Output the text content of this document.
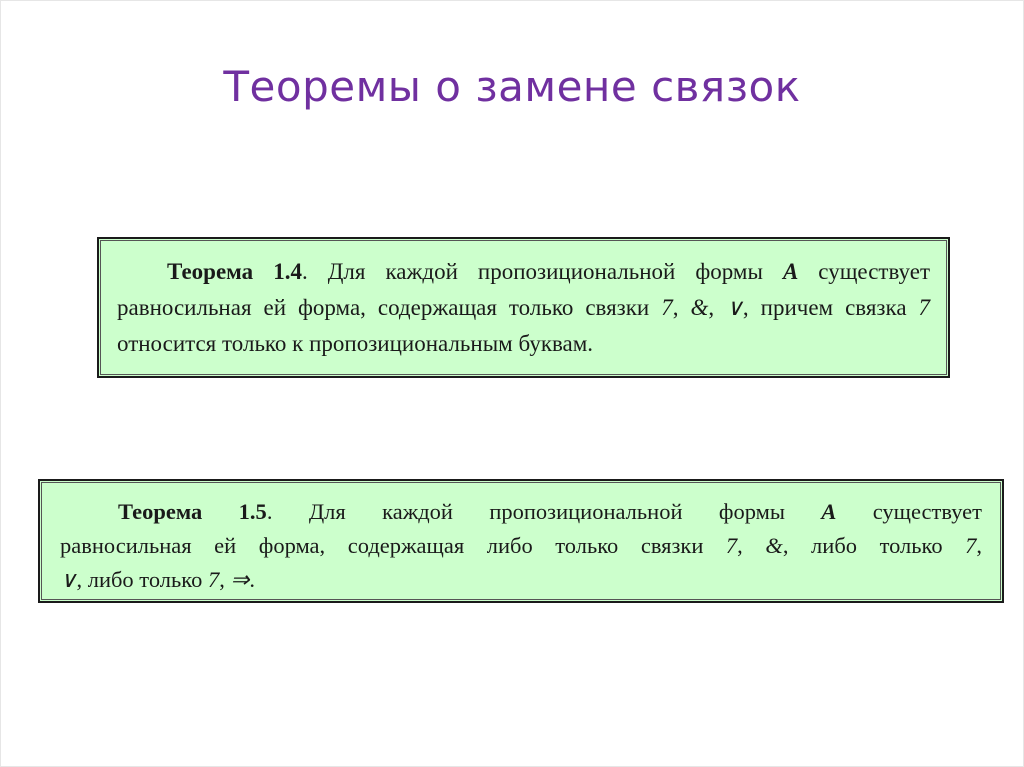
Теоремы о замене связок
Теорема 1.4. Для каждой пропозициональной формы A существует
равносильная ей форма, содержащая только связки 7, &, ∨, причем связка 7
относится только к пропозициональным буквам.
Теорема 1.5. Для каждой пропозициональной формы A существует
равносильная ей форма, содержащая либо только связки 7, &, либо только 7,
∨, либо только 7, ⇒.
